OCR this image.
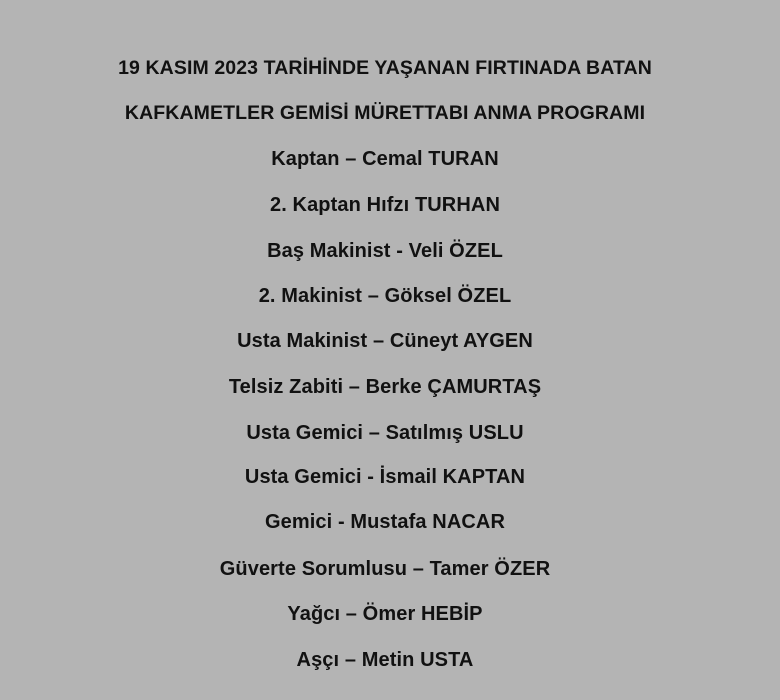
19 KASIM 2023 TARİHİNDE YAŞANAN FIRTINADA BATAN
KAFKAMETLER GEMİSİ MÜRETTABI ANMA PROGRAMI
Kaptan – Cemal TURAN
2. Kaptan Hıfzı TURHAN
Baş Makinist - Veli ÖZEL
2. Makinist – Göksel ÖZEL
Usta Makinist – Cüneyt AYGEN
Telsiz Zabiti – Berke ÇAMURTAŞ
Usta Gemici – Satılmış USLU
Usta Gemici - İsmail KAPTAN
Gemici - Mustafa NACAR
Güverte Sorumlusu – Tamer ÖZER
Yağcı – Ömer HEBİP
Aşçı – Metin USTA
